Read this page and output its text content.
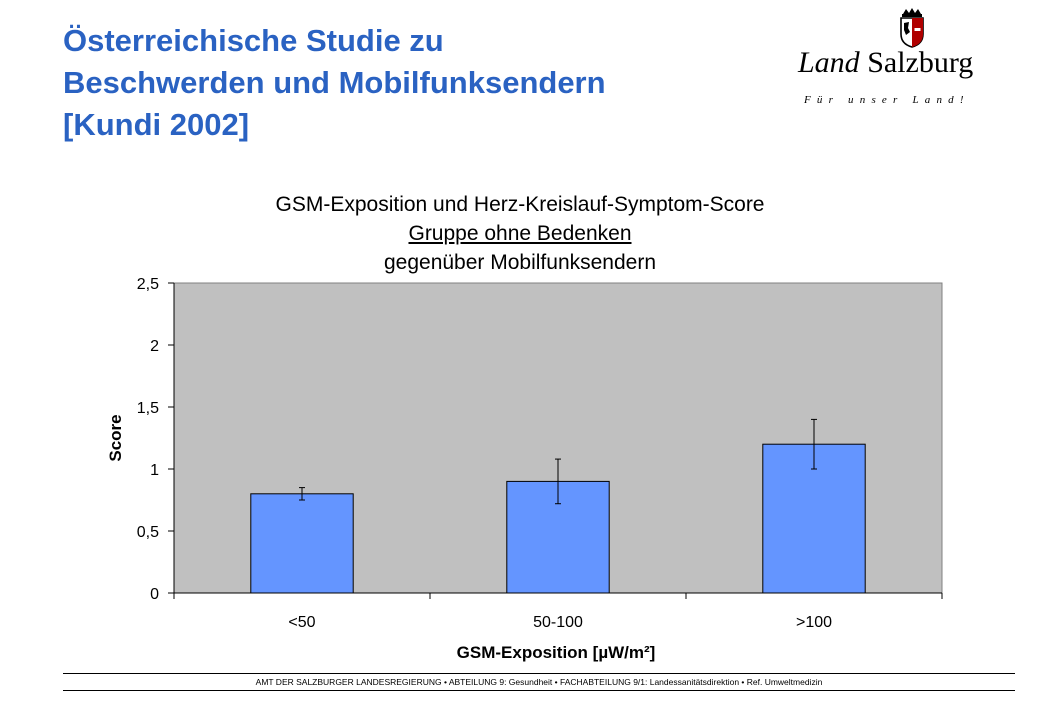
Österreichische Studie zu
Beschwerden und Mobilfunksendern
[Kundi 2002]
Land Salzburg
Für unser Land!
GSM-Exposition und Herz-Kreislauf-Symptom-Score
Gruppe ohne Bedenken
gegenüber Mobilfunksendern
0
0,5
1
1,5
2
2,5
<50	50-100	>100
GSM-Exposition [µW/m²]
Score
AMT DER SALZBURGER LANDESREGIERUNG • ABTEILUNG 9: Gesundheit • FACHABTEILUNG 9/1: Landessanitätsdirektion • Ref. Umweltmedizin
